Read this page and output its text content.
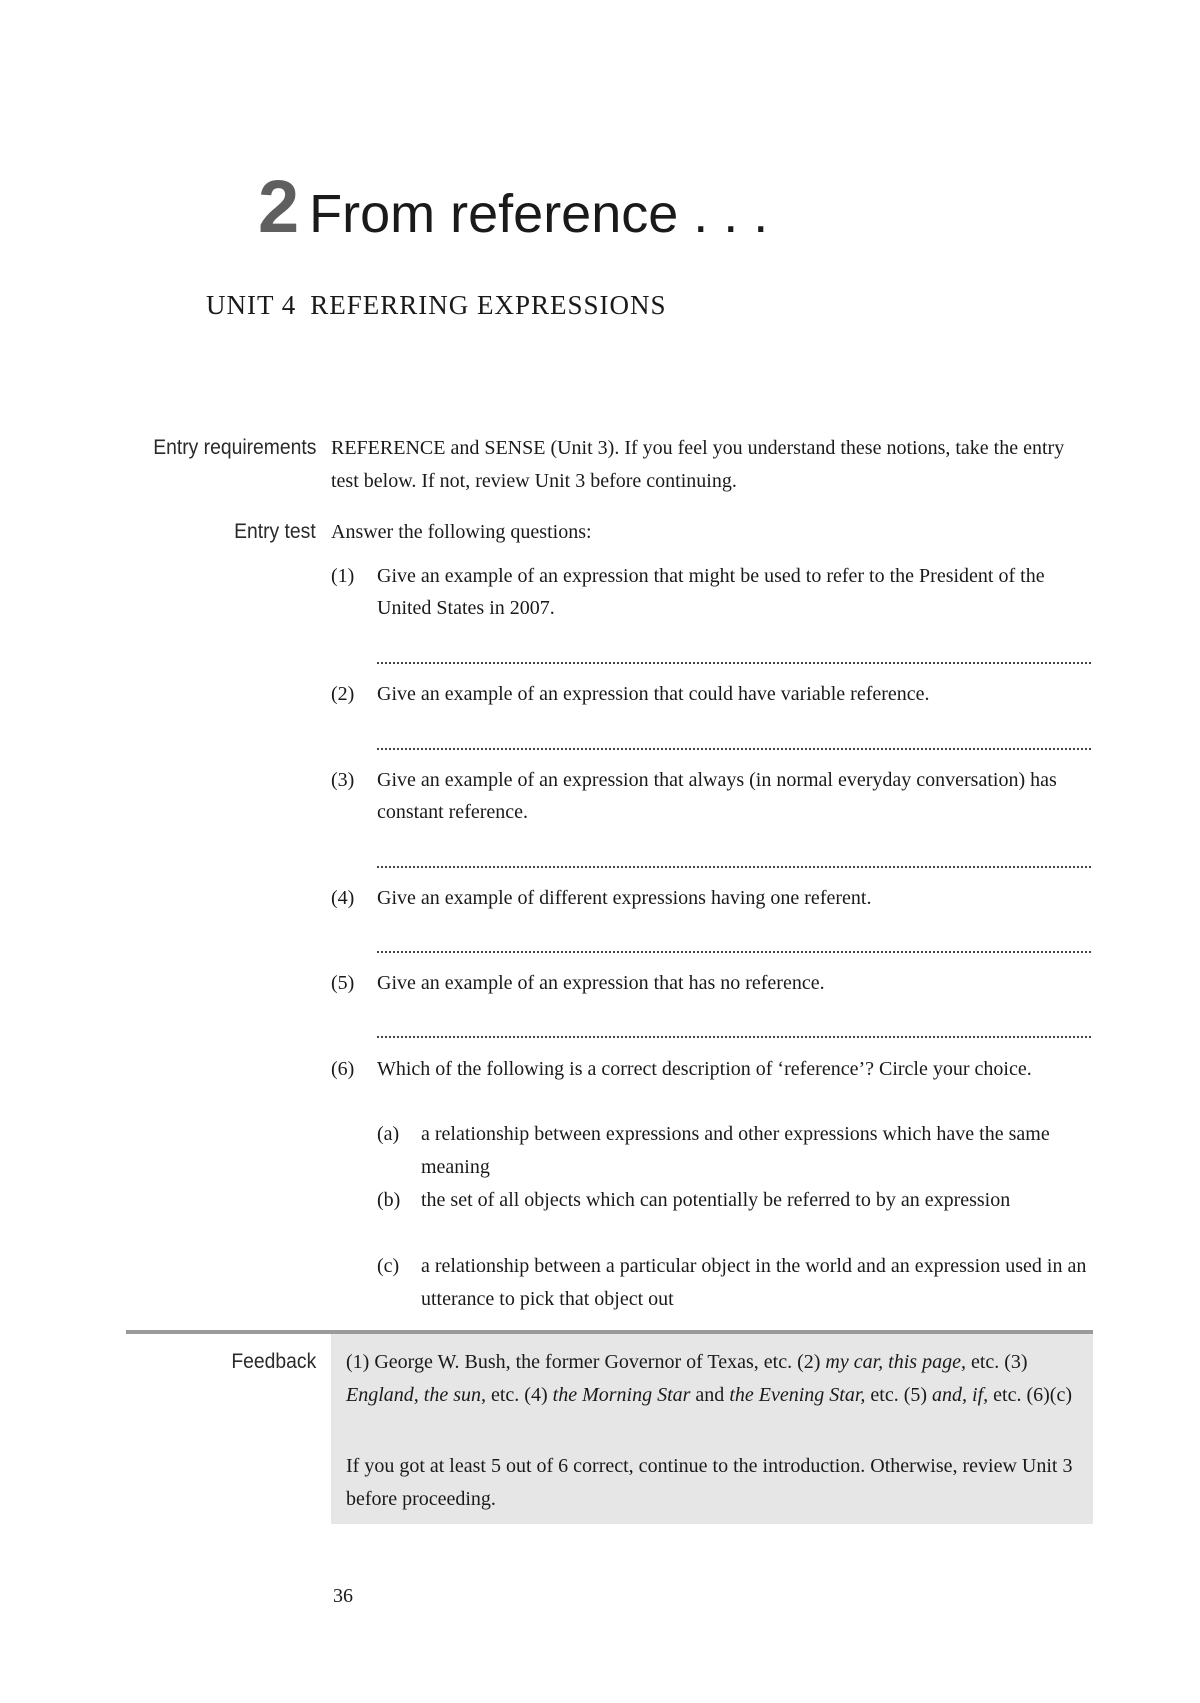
2 From reference . . .
UNIT 4 REFERRING EXPRESSIONS
Entry requirements REFERENCE and SENSE (Unit 3). If you feel you understand these notions, take the entry test below. If not, review Unit 3 before continuing.
Entry test Answer the following questions:
(1) Give an example of an expression that might be used to refer to the President of the United States in 2007.
(2) Give an example of an expression that could have variable reference.
(3) Give an example of an expression that always (in normal everyday conversation) has constant reference.
(4) Give an example of different expressions having one referent.
(5) Give an example of an expression that has no reference.
(6) Which of the following is a correct description of ‘reference’? Circle your choice.
(a) a relationship between expressions and other expressions which have the same meaning
(b) the set of all objects which can potentially be referred to by an expression
(c) a relationship between a particular object in the world and an expression used in an utterance to pick that object out
Feedback (1) George W. Bush, the former Governor of Texas, etc. (2) my car, this page, etc. (3) England, the sun, etc. (4) the Morning Star and the Evening Star, etc. (5) and, if, etc. (6)(c)
If you got at least 5 out of 6 correct, continue to the introduction. Otherwise, review Unit 3 before proceeding.
36
